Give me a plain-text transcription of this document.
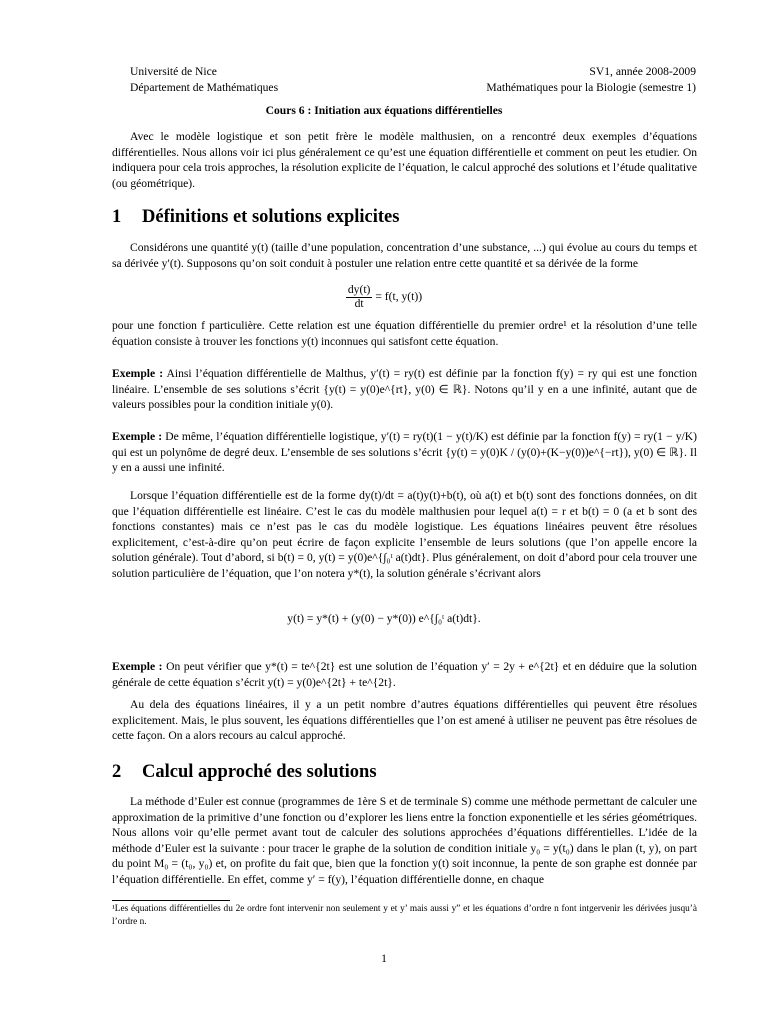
Université de Nice
Département de Mathématiques
SV1, année 2008-2009
Mathématiques pour la Biologie (semestre 1)
Cours 6 : Initiation aux équations différentielles

Avec le modèle logistique et son petit frère le modèle malthusien, on a rencontré deux exemples d’équations différentielles. Nous allons voir ici plus généralement ce qu’est une équation différentielle et comment on peut les etudier. On indiquera pour cela trois approches, la résolution explicite de l’équation, le calcul approché des solutions et l’étude qualitative (ou géométrique).

1 Définitions et solutions explicites

Considérons une quantité y(t) (taille d’une population, concentration d’une substance, ...) qui évolue au cours du temps et sa dérivée y′(t). Supposons qu’on soit conduit à postuler une relation entre cette quantité et sa dérivée de la forme

$\frac{dy(t)}{dt} = f(t$, y(t))

pour une fonction f particulière. Cette relation est une équation différentielle du premier ordre¹ et la résolution d’une telle équation consiste à trouver les fonctions y(t) inconnues qui satisfont cette équation.

Exemple : Ainsi l’équation différentielle de Malthus, y′(t) = ry(t) est définie par la fonction f(y) = ry qui est une fonction linéaire. L’ensemble de ses solutions s’écrit {y(t) = y(0)e^{rt}, y(0) ∈ ℝ}. Notons qu’il y en a une infinité, autant que de valeurs possibles pour la condition initiale y(0).

Exemple : De même, l’équation différentielle logistique, y′(t) = ry(t)(1 − y(t)/K) est définie par la fonction f(y) = ry(1 − y/K) qui est un polynôme de degré deux. L’ensemble de ses solutions s’écrit {y(t) = y(0)K / (y(0)+(K−y(0))e^{−rt}), y(0) ∈ ℝ}. Il y en a aussi une infinité.

Lorsque l’équation différentielle est de la forme dy(t)/dt = a(t)y(t)+b(t), où a(t) et b(t) sont des fonctions données, on dit que l’équation différentielle est linéaire. C’est le cas du modèle malthusien pour lequel a(t) = r et b(t) = 0 (a et b sont des fonctions constantes) mais ce n’est pas le cas du modèle logistique. Les équations linéaires peuvent être résolues explicitement, c’est-à-dire qu’on peut écrire de façon explicite l’ensemble de leurs solutions (que l’on appelle encore la solution générale). Tout d’abord, si b(t) = 0, y(t) = y(0)e^{∫₀ᵗ a(t)dt}. Plus généralement, on doit d’abord pour cela trouver une solution particulière de l’équation, que l’on notera y*(t), la solution générale s’écrivant alors

y(t) = y*(t) + (y(0) − y*(0)) e^{∫₀ᵗ a(t)dt}.

Exemple : On peut vérifier que y*(t) = te^{2t} est une solution de l’équation y′ = 2y + e^{2t} et en déduire que la solution générale de cette équation s’écrit y(t) = y(0)e^{2t} + te^{2t}.

Au dela des équations linéaires, il y a un petit nombre d’autres équations différentielles qui peuvent être résolues explicitement. Mais, le plus souvent, les équations différentielles que l’on est amené à utiliser ne peuvent pas être résolues de cette façon. On a alors recours au calcul approché.

2 Calcul approché des solutions

La méthode d’Euler est connue (programmes de 1ère S et de terminale S) comme une méthode permettant de calculer une approximation de la primitive d’une fonction ou d’explorer les liens entre la fonction exponentielle et les séries géométriques. Nous allons voir qu’elle permet avant tout de calculer des solutions approchées d’équations différentielles. L’idée de la méthode d’Euler est la suivante : pour tracer le graphe de la solution de condition initiale y₀ = y(t₀) dans le plan (t, y), on part du point M₀ = (t₀, y₀) et, on profite du fait que, bien que la fonction y(t) soit inconnue, la pente de son graphe est donnée par l’équation différentielle. En effet, comme y′ = f(y), l’équation différentielle donne, en chaque

¹Les équations différentielles du 2e ordre font intervenir non seulement y et y’ mais aussi y” et les équations d’ordre n font intgervenir les dérivées jusqu’à l’ordre n.
1
